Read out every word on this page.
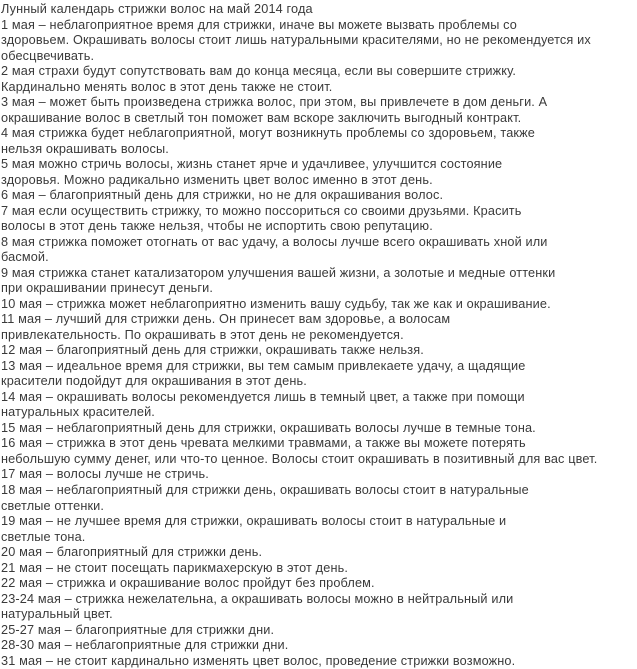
Лунный календарь стрижки волос на май 2014 года
1 мая – неблагоприятное время для стрижки, иначе вы можете вызвать проблемы со
здоровьем. Окрашивать волосы стоит лишь натуральными красителями, но не рекомендуется их
обесцвечивать.
2 мая страхи будут сопутствовать вам до конца месяца, если вы совершите стрижку.
Кардинально менять волос в этот день также не стоит.
3 мая – может быть произведена стрижка волос, при этом, вы привлечете в дом деньги. А
окрашивание волос в светлый тон поможет вам вскоре заключить выгодный контракт.
4 мая стрижка будет неблагоприятной, могут возникнуть проблемы со здоровьем, также
нельзя окрашивать волосы.
5 мая можно стричь волосы, жизнь станет ярче и удачливее, улучшится состояние
здоровья. Можно радикально изменить цвет волос именно в этот день.
6 мая – благоприятный день для стрижки, но не для окрашивания волос.
7 мая если осуществить стрижку, то можно поссориться со своими друзьями. Красить
волосы в этот день также нельзя, чтобы не испортить свою репутацию.
8 мая стрижка поможет отогнать от вас удачу, а волосы лучше всего окрашивать хной или
басмой.
9 мая стрижка станет катализатором улучшения вашей жизни, а золотые и медные оттенки
при окрашивании принесут деньги.
10 мая – стрижка может неблагоприятно изменить вашу судьбу, так же как и окрашивание.
11 мая – лучший для стрижки день. Он принесет вам здоровье, а волосам
привлекательность. По окрашивать в этот день не рекомендуется.
12 мая – благоприятный день для стрижки, окрашивать также нельзя.
13 мая – идеальное время для стрижки, вы тем самым привлекаете удачу, а щадящие
красители подойдут для окрашивания в этот день.
14 мая – окрашивать волосы рекомендуется лишь в темный цвет, а также при помощи
натуральных красителей.
15 мая – неблагоприятный день для стрижки, окрашивать волосы лучше в темные тона.
16 мая – стрижка в этот день чревата мелкими травмами, а также вы можете потерять
небольшую сумму денег, или что-то ценное. Волосы стоит окрашивать в позитивный для вас цвет.
17 мая – волосы лучше не стричь.
18 мая – неблагоприятный для стрижки день, окрашивать волосы стоит в натуральные
светлые оттенки.
19 мая – не лучшее время для стрижки, окрашивать волосы стоит в натуральные и
светлые тона.
20 мая – благоприятный для стрижки день.
21 мая – не стоит посещать парикмахерскую в этот день.
22 мая – стрижка и окрашивание волос пройдут без проблем.
23-24 мая – стрижка нежелательна, а окрашивать волосы можно в нейтральный или
натуральный цвет.
25-27 мая – благоприятные для стрижки дни.
28-30 мая – неблагоприятные для стрижки дни.
31 мая – не стоит кардинально изменять цвет волос, проведение стрижки возможно.
